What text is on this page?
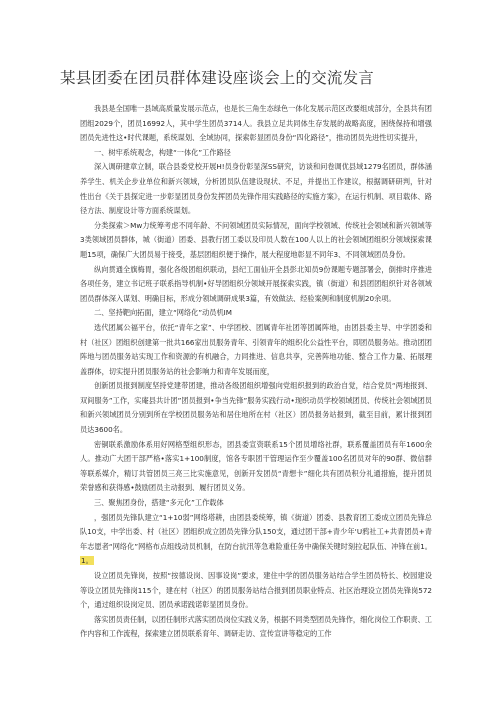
某县团委在团员群体建设座谈会上的交流发言

我县是全国唯一县域高质量发展示范点，也是长三角生态绿色一体化发展示范区改要组成部分，全县共有团团组2029个，团员16992人，其中学生团员3714人。我县立足共同体生存发展的战略高度，困绕保持和增强团员先进性这•时代课题，系统谋划、全域协同，探索彰显团员身份“四化路径”，推动团员先进性切实提升，

一、树牢系统观念，构建“一体化”工作路径

深入调研建章立制，联合县委党校开展H!员身份彰显深SS研究，访谈和问卷调优县域1279名团员，群体涵养学生、机关企步业单位和新兴领域，分析团员队伍建设现状、不足，并提出工作建议，根据调研研判，针对性出台《关于县探定进一步彰显团员身份发挥团员先锋作用实践路径的实施方案》，在运行机制、项目载体、路径方法、制度设计等方面系统谋划。

分类探索＞Mw力统筹考虑不同年龄、不问领域团员实际情况，面向学校领域、传统社会领域和新兴领域等3类领域团员群体，城（街道）团委、县教行团工委以及印员人数在100人以上的社会领域团组织分领域探索课题15项，确保广大团员易于接受，基层团组织便于操作，展大程度地彰显不同年3、不同领域团员身份。

纵向贯通全旗梅胃，强化各级团组织联动，县纪工面仙开全县彭北知员9份课题专题部署会，倒排时序推进各项任务，建立书记班子联系指导机制•好导团组织分领域开展探索实践，镇（街道）和县团团组织针对各领域团员群体深入谋划、明确目标，形成分领域调研成果3篇，有效做法、经验案例和制度机制20余项。

二、坚持靶向拓面，建立“网络化”动员机IM

选代团属公福平台，依托“青年之家”、中学团校、团属青年社团等团属阵地，由团县委主导、中学团委和村（社区）团组织创建第一批共166家出员服务青年、引领青年的组织化公益性平台，即团员服务站。推动团团阵地与团员服务站实现工作和资源的有机融合，力同推进、信息共享，完善阵地功能、整合工作力量、拓展理盖群体，切实提升团员服务站的社会影响力和青年发展而度，

创新团员报到制度坚持党建带团建，推动各级团组织增强向党组织报到的政治自觉，结合党员“两地报到、双间服务”工作，实庵县共计团”团员报到•争当先锋”服务实践行动•现织动员学校领域团员、传统社会领域团员和新兴领域团员分别到所在学校团员服务站和居住地所在村（社区）团员报务站报到，截至目前，累计报到团员达3600名。

密铜联系激励体系用好网格型组织形态，团县委宣资联系15个团员增络社群，联系覆盖团员有年1600余人。推动广大团干部严格•落实1+100制度，馆各专职团干管理运作至少覆盖100名团员对年的90群、微信群等联系媒介，精订共管团员三亮三比实施意见，创新开发团员“青想卡”细化共有团员积分礼通措施，提升团员荣誉感和获得感•鼓励团员主动报到、履行团员义务。

三、聚焦团身份，搭建“多元化”工作载体

，强团员先锋队建立“1+10弱”网络塔耕，由团县委统筹，镇《街道）团委、县教育团工委成立团员先锋总队10支，中学出委、村（社区）团组织成立团员先锋分队150支，通过团干部+青少年‘U鸦社工+共青团员+青年志愿者“网络化”网格布点组线动员机制，在防台抗汛等急难险重任务中确保关键时刻拉起队伍、冲锋在前1。1。

设立团员先锋岗，按照“按德设岗、因事设岗”要求，建住中学的团员服务站结合学生团员特长、校园建设等设立团员先锋岗115个，建在村（社区）的团员服务站结合报到团员职业特点、社区治理设立团员先锋岗572个，通过组织设岗定员、团员承诺践诺彰显团员身份。

落实团员责任制，以团任制形式落实团员岗位实践义务，根据不同类型团员先锋作，细化岗位工作职责、工作内容和工作流程，探索建立团员联系育年、调研走访、宣传宣讲等稳定的工作
